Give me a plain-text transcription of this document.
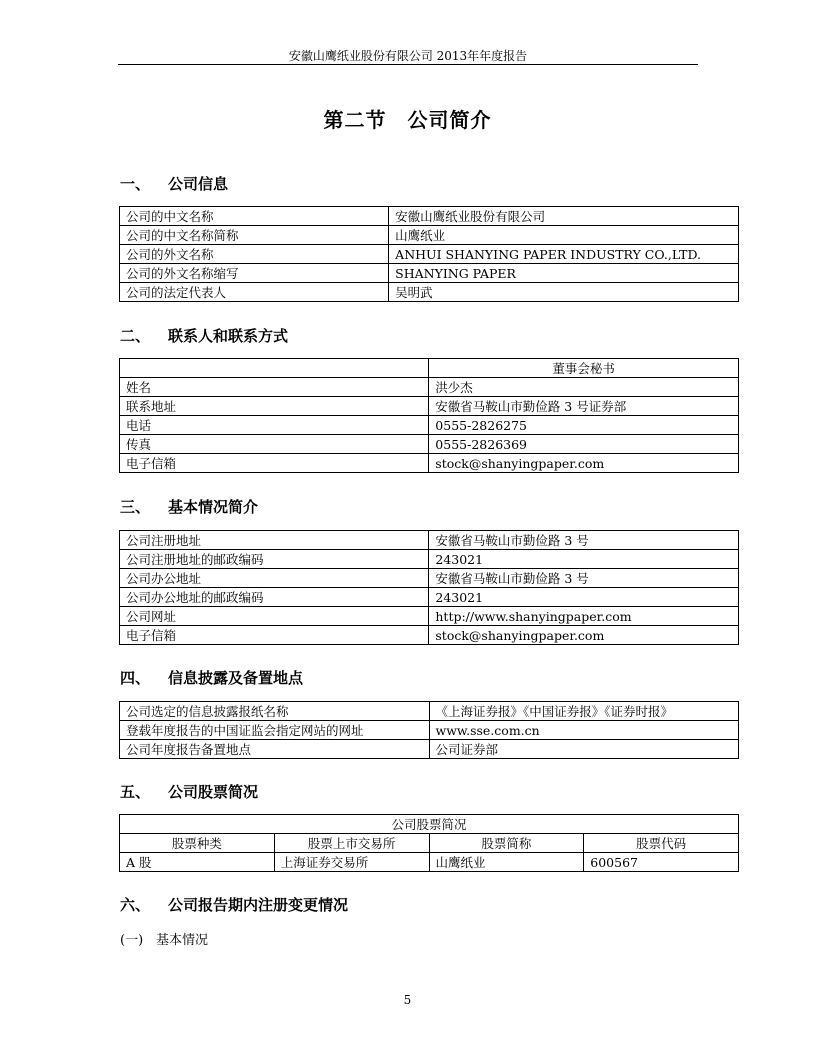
安徽山鹰纸业股份有限公司 2013年年度报告
第二节　公司简介
一、 公司信息
公司的中文名称	安徽山鹰纸业股份有限公司
公司的中文名称简称	山鹰纸业
公司的外文名称	ANHUI SHANYING PAPER INDUSTRY CO.,LTD.
公司的外文名称缩写	SHANYING PAPER
公司的法定代表人	吴明武
二、 联系人和联系方式
	董事会秘书
姓名	洪少杰
联系地址	安徽省马鞍山市勤俭路 3 号证券部
电话	0555-2826275
传真	0555-2826369
电子信箱	stock@shanyingpaper.com
三、 基本情况简介
公司注册地址	安徽省马鞍山市勤俭路 3 号
公司注册地址的邮政编码	243021
公司办公地址	安徽省马鞍山市勤俭路 3 号
公司办公地址的邮政编码	243021
公司网址	http://www.shanyingpaper.com
电子信箱	stock@shanyingpaper.com
四、 信息披露及备置地点
公司选定的信息披露报纸名称	《上海证券报》《中国证券报》《证券时报》
登载年度报告的中国证监会指定网站的网址	www.sse.com.cn
公司年度报告备置地点	公司证券部
五、 公司股票简况
公司股票简况			
股票种类	股票上市交易所	股票简称	股票代码
A 股	上海证券交易所	山鹰纸业	600567
六、 公司报告期内注册变更情况
(一) 基本情况
5
